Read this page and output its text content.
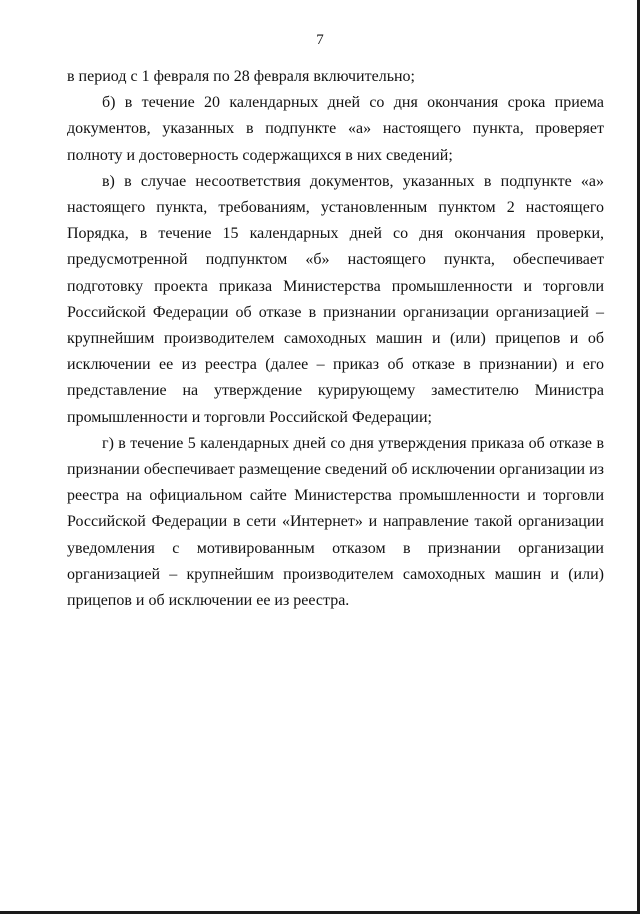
7

в период с 1 февраля по 28 февраля включительно;

б) в течение 20 календарных дней со дня окончания срока приема документов, указанных в подпункте «а» настоящего пункта, проверяет полноту и достоверность содержащихся в них сведений;

в) в случае несоответствия документов, указанных в подпункте «а» настоящего пункта, требованиям, установленным пунктом 2 настоящего Порядка, в течение 15 календарных дней со дня окончания проверки, предусмотренной подпунктом «б» настоящего пункта, обеспечивает подготовку проекта приказа Министерства промышленности и торговли Российской Федерации об отказе в признании организации организацией – крупнейшим производителем самоходных машин и (или) прицепов и об исключении ее из реестра (далее – приказ об отказе в признании) и его представление на утверждение курирующему заместителю Министра промышленности и торговли Российской Федерации;

г) в течение 5 календарных дней со дня утверждения приказа об отказе в признании обеспечивает размещение сведений об исключении организации из реестра на официальном сайте Министерства промышленности и торговли Российской Федерации в сети «Интернет» и направление такой организации уведомления с мотивированным отказом в признании организации организацией – крупнейшим производителем самоходных машин и (или) прицепов и об исключении ее из реестра.
